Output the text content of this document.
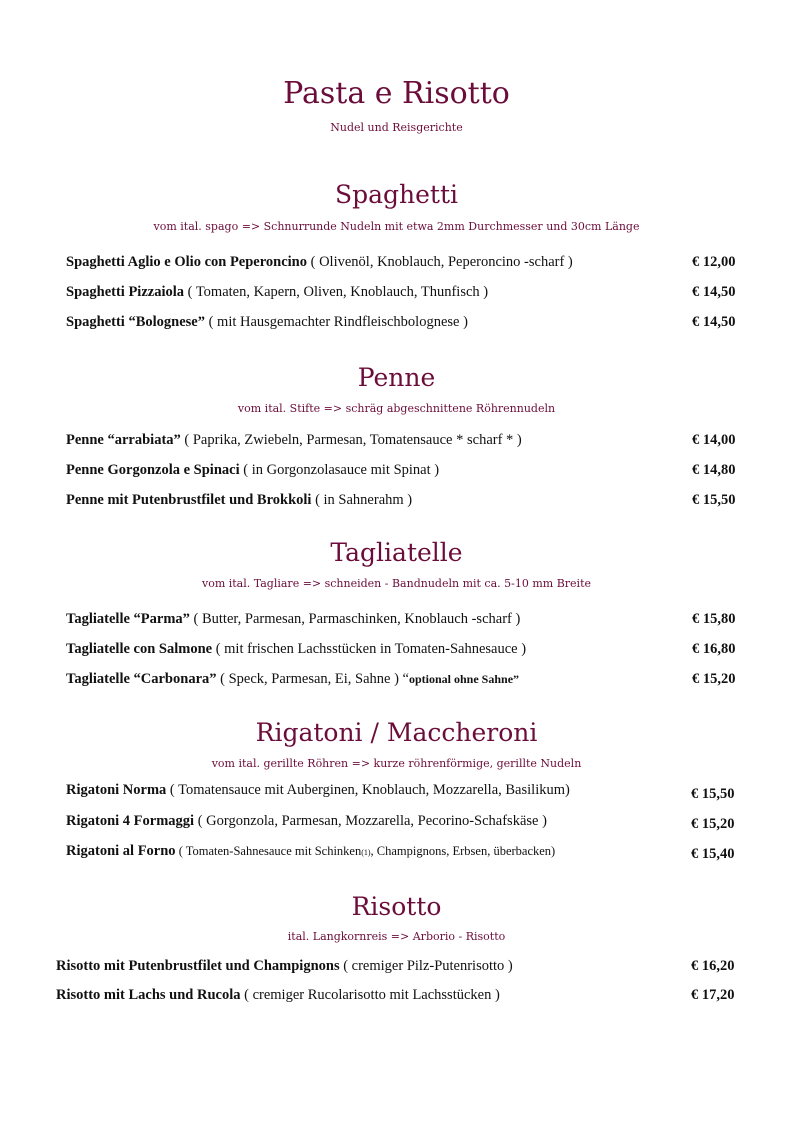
Pasta e Risotto
Nudel und Reisgerichte
Spaghetti
vom ital. spago => Schnurrunde Nudeln mit etwa 2mm Durchmesser und 30cm Länge
Spaghetti Aglio e Olio con Peperoncino ( Olivenöl, Knoblauch, Peperoncino -scharf )	€ 12,00
Spaghetti Pizzaiola ( Tomaten, Kapern, Oliven, Knoblauch, Thunfisch )	€ 14,50
Spaghetti “Bolognese” ( mit Hausgemachter Rindfleischbolognese )	€ 14,50
Penne
vom ital. Stifte => schräg abgeschnittene Röhrennudeln
Penne “arrabiata” ( Paprika, Zwiebeln, Parmesan, Tomatensauce * scharf * )	€ 14,00
Penne Gorgonzola e Spinaci ( in Gorgonzolasauce mit Spinat )	€ 14,80
Penne mit Putenbrustfilet und Brokkoli ( in Sahnerahm )	€ 15,50
Tagliatelle
vom ital. Tagliare => schneiden - Bandnudeln mit ca. 5-10 mm Breite
Tagliatelle “Parma” ( Butter, Parmesan, Parmaschinken, Knoblauch -scharf )	€ 15,80
Tagliatelle con Salmone ( mit frischen Lachsstücken in Tomaten-Sahnesauce )	€ 16,80
Tagliatelle “Carbonara” ( Speck, Parmesan, Ei, Sahne ) “optional ohne Sahne”	€ 15,20
Rigatoni / Maccheroni
vom ital. gerillte Röhren => kurze röhrenförmige, gerillte Nudeln
Rigatoni Norma ( Tomatensauce mit Auberginen, Knoblauch, Mozzarella, Basilikum)	€ 15,50
Rigatoni 4 Formaggi ( Gorgonzola, Parmesan, Mozzarella, Pecorino-Schafskäse )	€ 15,20
Rigatoni al Forno ( Tomaten-Sahnesauce mit Schinken(1), Champignons, Erbsen, überbacken)	€ 15,40
Risotto
ital. Langkornreis => Arborio - Risotto
Risotto mit Putenbrustfilet und Champignons ( cremiger Pilz-Putenrisotto )	€ 16,20
Risotto mit Lachs und Rucola ( cremiger Rucolarisotto mit Lachsstücken )	€ 17,20
